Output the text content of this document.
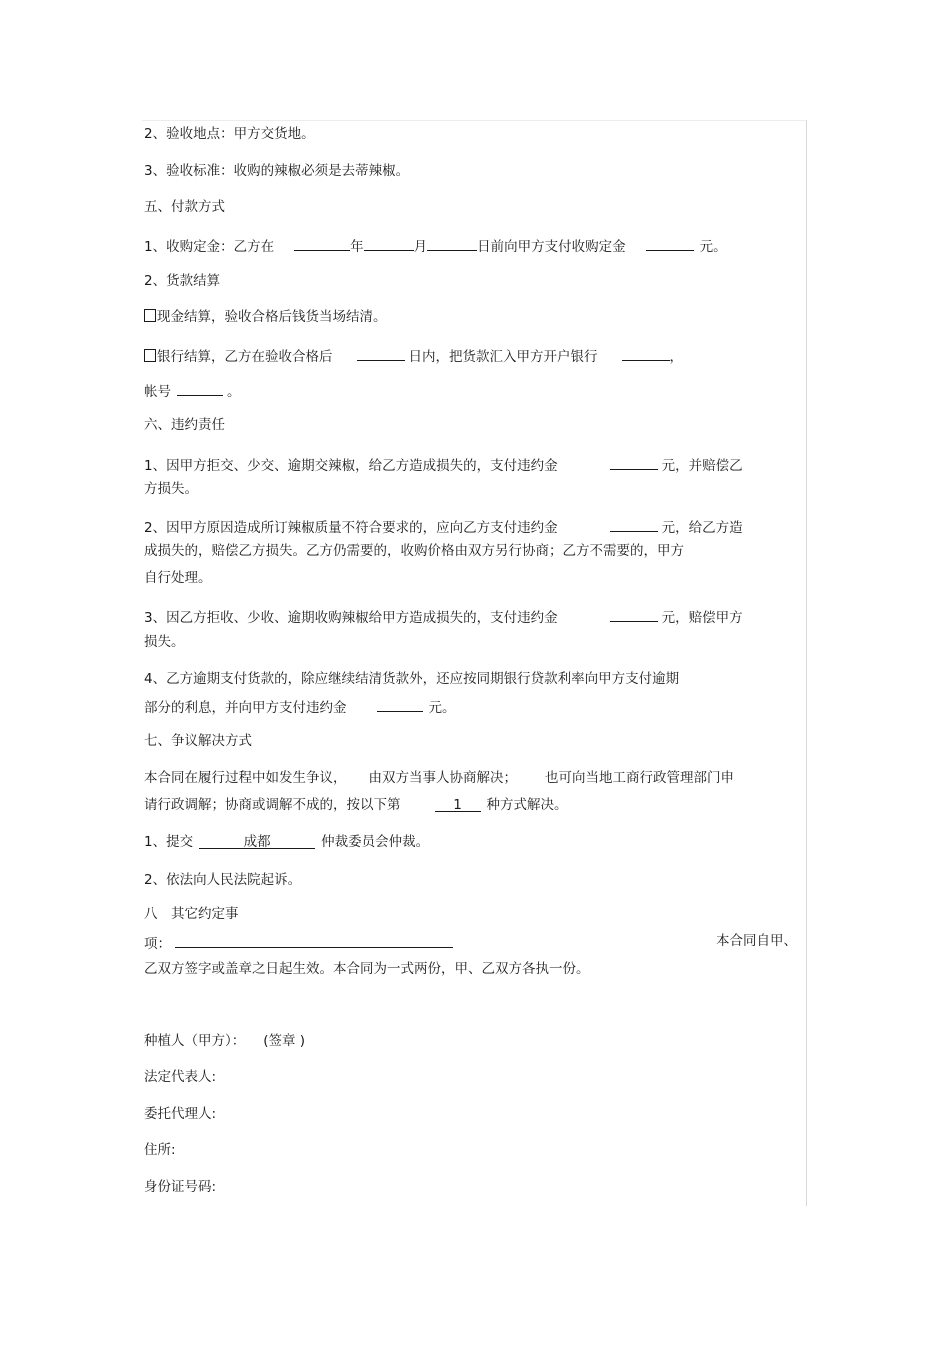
2、验收地点：甲方交货地。
3、验收标准：收购的辣椒必须是去蒂辣椒。
五、付款方式
1、收购定金：乙方在	年	月	日前向甲方支付收购定金	元。
2、货款结算
现金结算，验收合格后钱货当场结清。
银行结算，乙方在验收合格后	日内，把货款汇入甲方开户银行	，
帐号	。
六、违约责任
1、因甲方拒交、少交、逾期交辣椒，给乙方造成损失的，支付违约金	元，并赔偿乙
方损失。
2、因甲方原因造成所订辣椒质量不符合要求的，应向乙方支付违约金	元，给乙方造
成损失的，赔偿乙方损失。乙方仍需要的，收购价格由双方另行协商；乙方不需要的，甲方
自行处理。
3、因乙方拒收、少收、逾期收购辣椒给甲方造成损失的，支付违约金	元，赔偿甲方
损失。
4、乙方逾期支付货款的，除应继续结清货款外，还应按同期银行贷款利率向甲方支付逾期
部分的利息，并向甲方支付违约金	元。
七、争议解决方式
本合同在履行过程中如发生争议， 由双方当事人协商解决； 也可向当地工商行政管理部门申
请行政调解；协商或调解不成的，按以下第	1 种方式解决。
1、提交	成都	仲裁委员会仲裁。
2、依法向人民法院起诉。
八　其它约定事
项：	本合同自甲、
乙双方签字或盖章之日起生效。本合同为一式两份，甲、乙双方各执一份。
种植人（甲方）： (签章 )
法定代表人:
委托代理人:
住所:
身份证号码:
